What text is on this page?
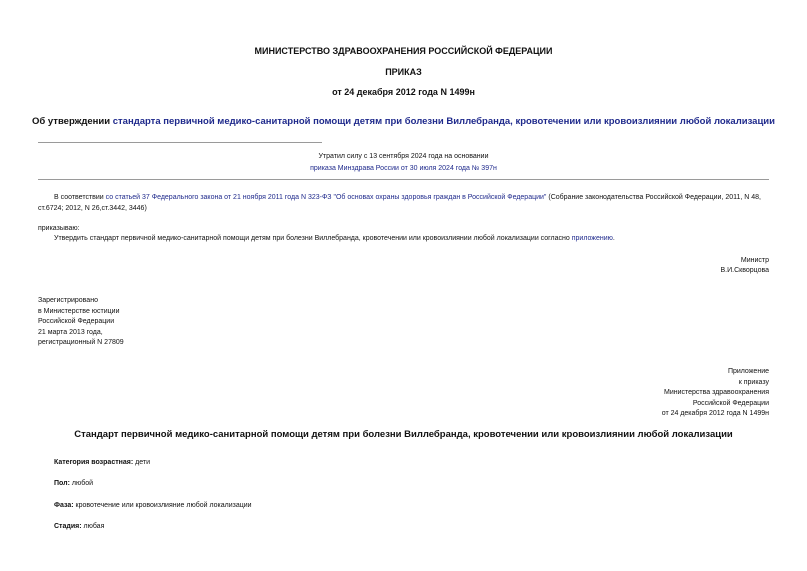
МИНИСТЕРСТВО ЗДРАВООХРАНЕНИЯ РОССИЙСКОЙ ФЕДЕРАЦИИ
ПРИКАЗ
от 24 декабря 2012 года N 1499н
Об утверждении стандарта первичной медико-санитарной помощи детям при болезни Виллебранда, кровотечении или кровоизлиянии любой локализации
Утратил силу с 13 сентября 2024 года на основании
приказа Минздрава России от 30 июля 2024 года № 397н
В соответствии со статьей 37 Федерального закона от 21 ноября 2011 года N 323-ФЗ "Об основах охраны здоровья граждан в Российской Федерации" (Собрание законодательства Российской Федерации, 2011, N 48, ст.6724; 2012, N 26,ст.3442, 3446)
приказываю:
Утвердить стандарт первичной медико-санитарной помощи детям при болезни Виллебранда, кровотечении или кровоизлиянии любой локализации согласно приложению.
Министр
В.И.Скворцова
Зарегистрировано
в Министерстве юстиции
Российской Федерации
21 марта 2013 года,
регистрационный N 27809
Приложение
к приказу
Министерства здравоохранения
Российской Федерации
от 24 декабря 2012 года N 1499н
Стандарт первичной медико-санитарной помощи детям при болезни Виллебранда, кровотечении или кровоизлиянии любой локализации
Категория возрастная: дети
Пол: любой
Фаза: кровотечение или кровоизлияние любой локализации
Стадия: любая
